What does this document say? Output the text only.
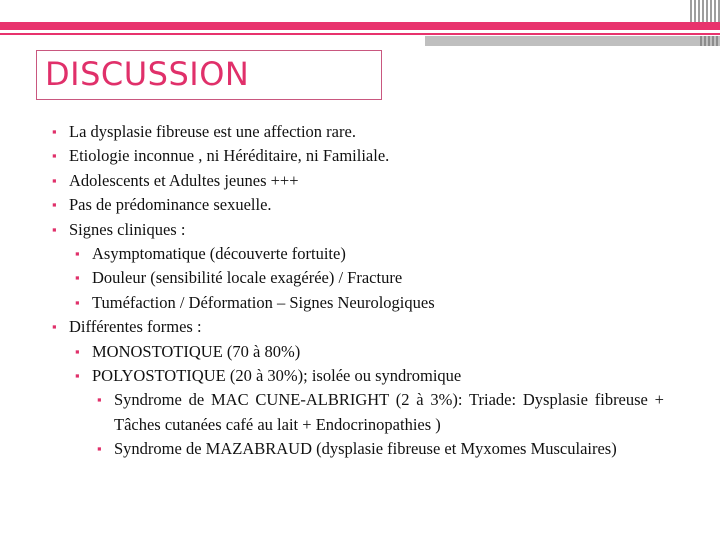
DISCUSSION
▪ La dysplasie fibreuse est une affection rare.
▪ Etiologie inconnue , ni Héréditaire, ni Familiale.
▪ Adolescents et Adultes jeunes +++
▪ Pas de prédominance sexuelle.
▪ Signes cliniques :
▪ Asymptomatique (découverte fortuite)
▪ Douleur (sensibilité locale exagérée) / Fracture
▪ Tuméfaction / Déformation – Signes Neurologiques
▪ Différentes formes :
▪ MONOSTOTIQUE (70 à 80%)
▪ POLYOSTOTIQUE (20 à 30%); isolée ou syndromique
▪ Syndrome de MAC CUNE-ALBRIGHT (2 à 3%): Triade: Dysplasie fibreuse + Tâches cutanées café au lait + Endocrinopathies )
▪ Syndrome de MAZABRAUD (dysplasie fibreuse et Myxomes Musculaires)
